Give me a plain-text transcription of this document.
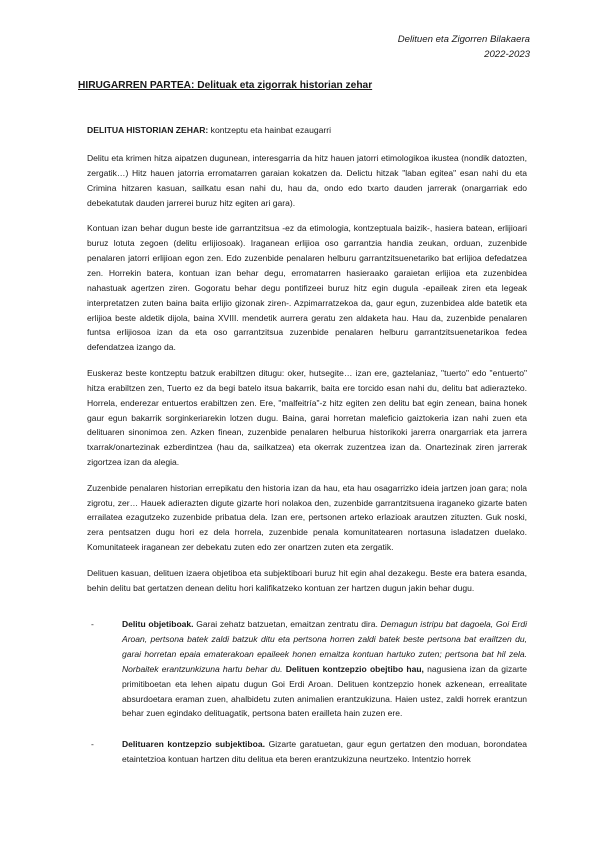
Delituen eta Zigorren Bilakaera
2022-2023
HIRUGARREN PARTEA: Delituak eta zigorrak historian zehar
DELITUA HISTORIAN ZEHAR: kontzeptu eta hainbat ezaugarri

Delitu eta krimen hitza aipatzen dugunean, interesgarria da hitz hauen jatorri etimologikoa ikustea (nondik datozten, zergatik…) Hitz hauen jatorria erromatarren garaian kokatzen da. Delictu hitzak "laban egitea" esan nahi du eta Crimina hitzaren kasuan, sailkatu esan nahi du, hau da, ondo edo txarto dauden jarrerak (onargarriak edo debekatutak dauden jarrerei buruz hitz egiten ari gara).

Kontuan izan behar dugun beste ide garrantzitsua -ez da etimologia, kontzeptuala baizik-, hasiera batean, erlijioari buruz lotuta zegoen (delitu erlijiosoak). Iraganean erlijioa oso garrantzia handia zeukan, orduan, zuzenbide penalaren jatorri erlijioan egon zen. Edo zuzenbide penalaren helburu garrantzitsuenetariko bat erlijioa defedatzea zen. Horrekin batera, kontuan izan behar degu, erromatarren hasieraako garaietan erlijioa eta zuzenbidea nahastuak agertzen ziren. Gogoratu behar degu pontifizeei buruz hitz egin dugula -epaileak ziren eta legeak interpretatzen zuten baina baita erlijio gizonak ziren-. Azpimarratzekoa da, gaur egun, zuzenbidea alde batetik eta erlijioa beste aldetik dijola, baina XVIII. mendetik aurrera geratu zen aldaketa hau. Hau da, zuzenbide penalaren funtsa erlijiosoa izan da eta oso garrantzitsua zuzenbide penalaren helburu garrantzitsuenetarikoa fedea defendatzea izango da.

Euskeraz beste kontzeptu batzuk erabiltzen ditugu: oker, hutsegite… izan ere, gaztelaniaz, "tuerto" edo "entuerto" hitza erabiltzen zen, Tuerto ez da begi batelo itsua bakarrik, baita ere torcido esan nahi du, delitu bat adierazteko. Horrela, enderezar entuertos erabiltzen zen. Ere, "malfeitría"-z hitz egiten zen delitu bat egin zenean, baina honek gaur egun bakarrik sorginkeriarekin lotzen dugu. Baina, garai horretan maleficio gaiztokeria izan nahi zuen eta delituaren sinonimoa zen. Azken finean, zuzenbide penalaren helburua historikoki jarerra onargarriak eta jarrera txarrak/onartezinak ezberdintzea (hau da, sailkatzea) eta okerrak zuzentzea izan da. Onartezinak ziren jarrerak zigortzea izan da alegia.

Zuzenbide penalaren historian errepikatu den historia izan da hau, eta hau osagarrizko ideia jartzen joan gara; nola zigrotu, zer… Hauek adierazten digute gizarte hori nolakoa den, zuzenbide garrantzitsuena iraganeko gizarte baten errailatea ezagutzeko zuzenbide pribatua dela. Izan ere, pertsonen arteko erlazioak arautzen zituzten. Guk noski, zera pentsatzen dugu hori ez dela horrela, zuzenbide penala komunitatearen nortasuna isladatzen duelako. Komunitateek iraganean zer debekatu zuten edo zer onartzen zuten eta zergatik.

Delituen kasuan, delituen izaera objetiboa eta subjektiboari buruz hit egin ahal dezakegu. Beste era batera esanda, behin delitu bat gertatzen denean delitu hori kalifikatzeko kontuan zer hartzen dugun jakin behar dugu.

-	Delitu objetiboak. Garai zehatz batzuetan, emaitzan zentratu dira. Demagun istripu bat dagoela, Goi Erdi Aroan, pertsona batek zaldi batzuk ditu eta pertsona horren zaldi batek beste pertsona bat erailtzen du, garai horretan epaia ematerakoan epaileek honen emaitza kontuan hartuko zuten; pertsona bat hil zela. Norbaitek erantzunkizuna hartu behar du. Delituen kontzepzio obejtibo hau, nagusiena izan da gizarte primitiboetan eta lehen aipatu dugun Goi Erdi Aroan. Delituen kontzepzio honek azkenean, errealitate absurdoetara eraman zuen, ahalbidetu zuten animalien erantzukizuna. Haien ustez, zaldi horrek erantzun behar zuen egindako delituagatik, pertsona baten erailleta hain zuzen ere.
-	Delituaren kontzepzio subjektiboa. Gizarte garatuetan, gaur egun gertatzen den moduan, borondatea etaintetzioa kontuan hartzen ditu delitua eta beren erantzukizuna neurtzeko. Intentzio horrek
